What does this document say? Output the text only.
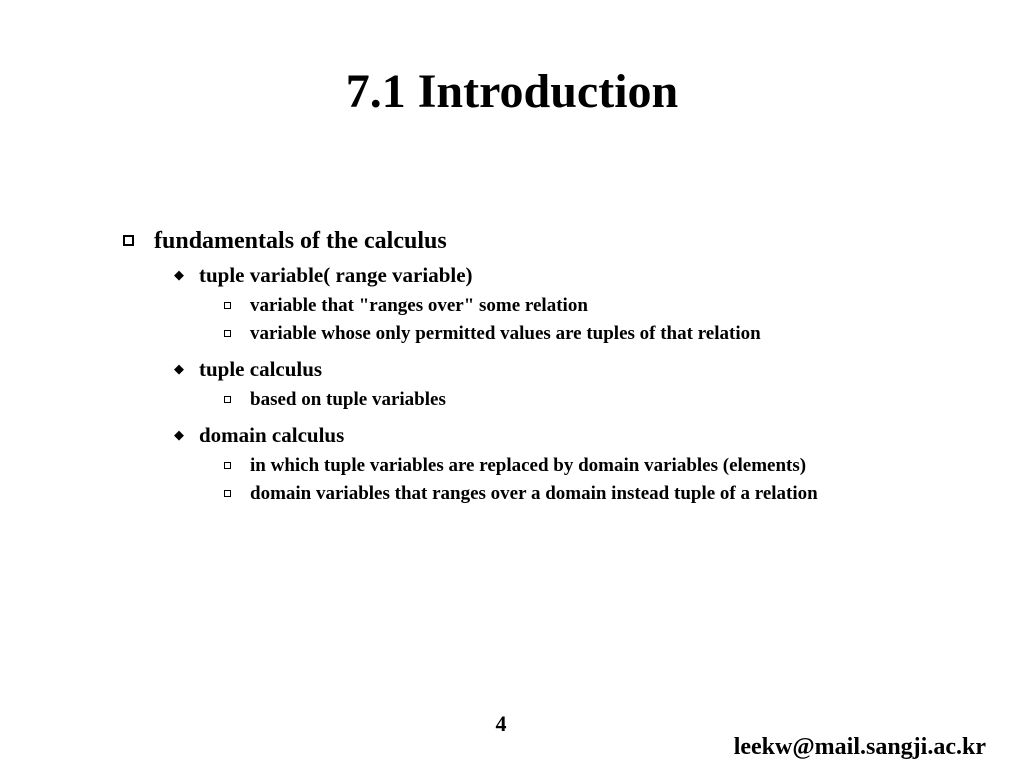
7.1 Introduction
fundamentals of the calculus
◆ tuple variable( range variable)
variable that "ranges over" some relation
variable whose only permitted values are tuples of that relation
◆ tuple calculus
based on tuple variables
◆ domain calculus
in which tuple variables are replaced by domain variables (elements)
domain variables that ranges over a domain instead tuple of a relation
4
leekw@mail.sangji.ac.kr
